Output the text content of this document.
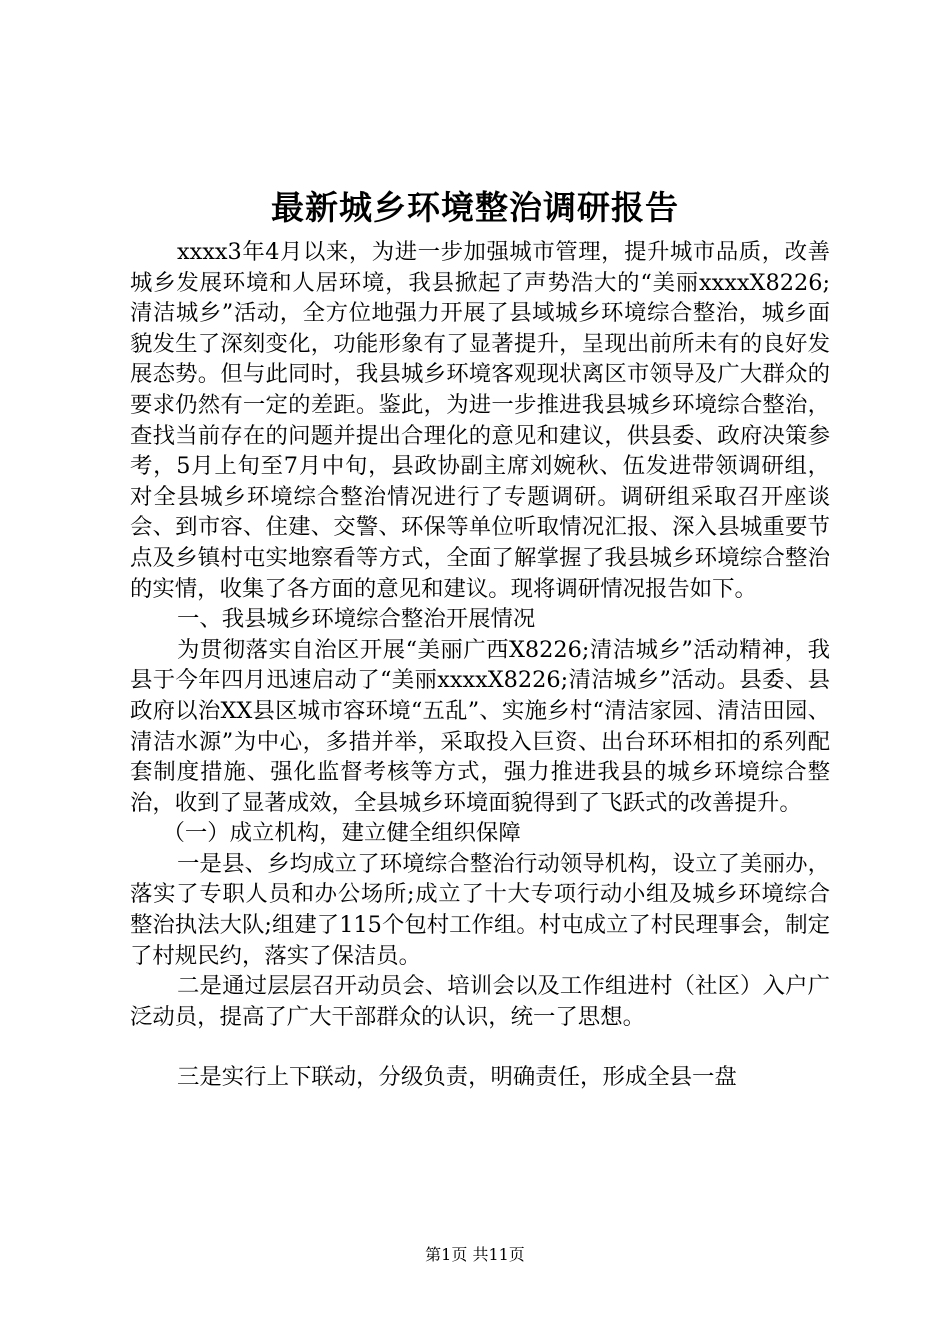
最新城乡环境整治调研报告

xxxx3年4月以来，为进一步加强城市管理，提升城市品质，改善城乡发展环境和人居环境，我县掀起了声势浩大的“美丽xxxxX8226;清洁城乡”活动，全方位地强力开展了县域城乡环境综合整治，城乡面貌发生了深刻变化，功能形象有了显著提升，呈现出前所未有的良好发展态势。但与此同时，我县城乡环境客观现状离区市领导及广大群众的要求仍然有一定的差距。鉴此，为进一步推进我县城乡环境综合整治，查找当前存在的问题并提出合理化的意见和建议，供县委、政府决策参考，5月上旬至7月中旬，县政协副主席刘婉秋、伍发进带领调研组，对全县城乡环境综合整治情况进行了专题调研。调研组采取召开座谈会、到市容、住建、交警、环保等单位听取情况汇报、深入县城重要节点及乡镇村屯实地察看等方式，全面了解掌握了我县城乡环境综合整治的实情，收集了各方面的意见和建议。现将调研情况报告如下。

一、我县城乡环境综合整治开展情况

为贯彻落实自治区开展“美丽广西X8226;清洁城乡”活动精神，我县于今年四月迅速启动了“美丽xxxxX8226;清洁城乡”活动。县委、县政府以治XX县区城市容环境“五乱”、实施乡村“清洁家园、清洁田园、清洁水源”为中心，多措并举，采取投入巨资、出台环环相扣的系列配套制度措施、强化监督考核等方式，强力推进我县的城乡环境综合整治，收到了显著成效，全县城乡环境面貌得到了飞跃式的改善提升。

（一）成立机构，建立健全组织保障

一是县、乡均成立了环境综合整治行动领导机构，设立了美丽办，落实了专职人员和办公场所;成立了十大专项行动小组及城乡环境综合整治执法大队;组建了115个包村工作组。村屯成立了村民理事会，制定了村规民约，落实了保洁员。

二是通过层层召开动员会、培训会以及工作组进村（社区）入户广泛动员，提高了广大干部群众的认识，统一了思想。

三是实行上下联动，分级负责，明确责任，形成全县一盘

第1页 共11页
